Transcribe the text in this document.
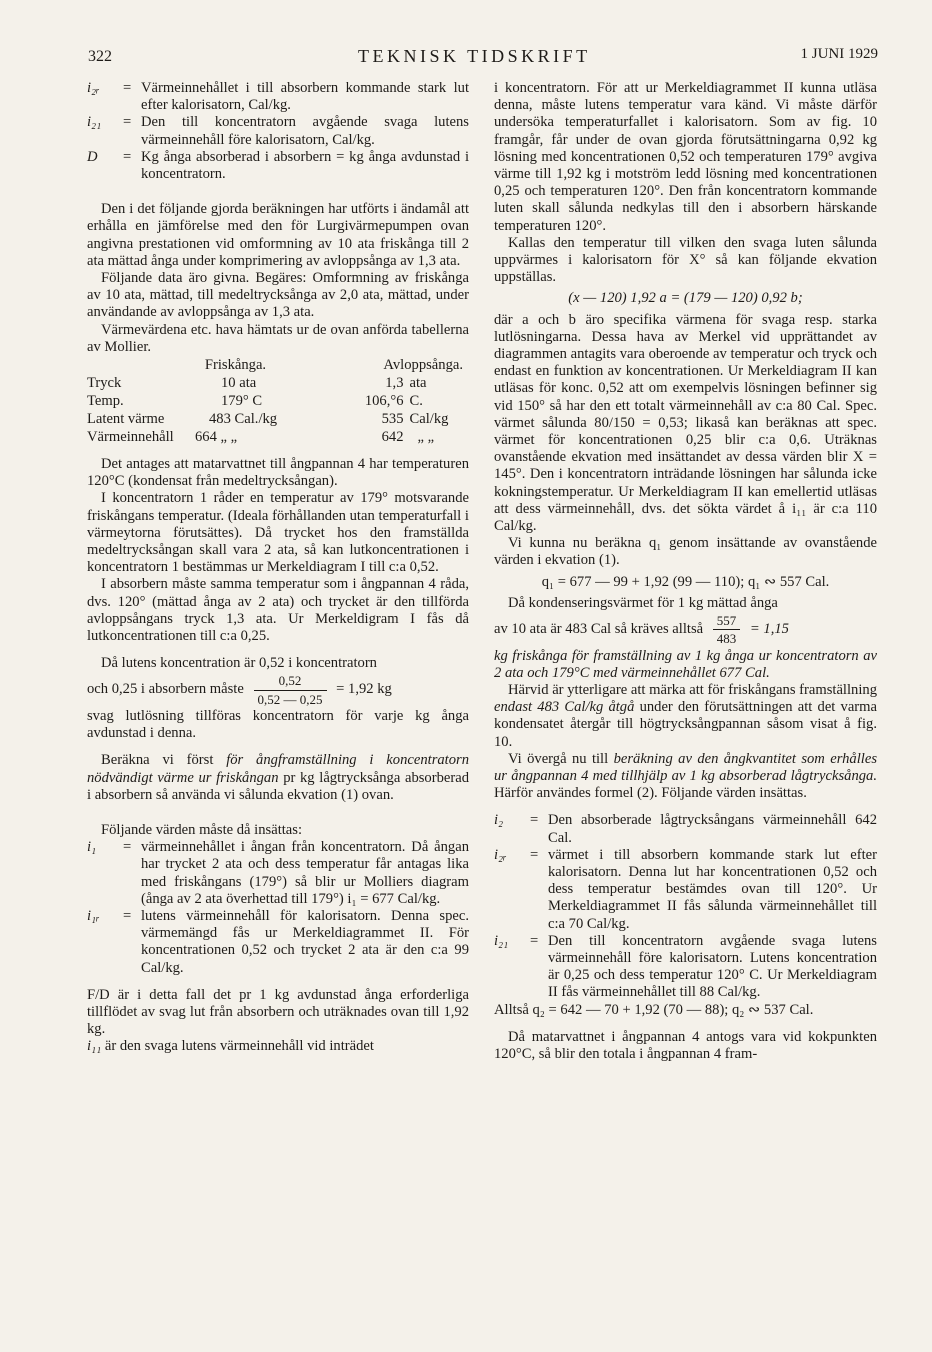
322	TEKNISK TIDSKRIFT	1 JUNI 1929
i₂ᵣ	= Värmeinnehållet i till absorbern kommande stark lut efter kalorisatorn, Cal/kg.
i₂₁	= Den till koncentratorn avgående svaga lutens värmeinnehåll före kalorisatorn, Cal/kg.
D	= Kg ånga absorberad i absorbern = kg ånga avdunstad i koncentratorn.

Den i det följande gjorda beräkningen har utförts i ändamål att erhålla en jämförelse med den för Lurgivärmepumpen ovan angivna prestationen vid omformning av 10 ata friskånga till 2 ata mättad ånga under komprimering av avloppsånga av 1,3 ata.

Följande data äro givna. Begäres: Omformning av friskånga av 10 ata, mättad, till medeltrycksånga av 2,0 ata, mättad, under användande av avloppsånga av 1,3 ata.

Värmevärdena etc. hava hämtats ur de ovan anförda tabellerna av Mollier.

	Friskånga.	Avloppsånga.	
Tryck	10 ata	1,3	ata
Temp.	179° C	106,°6	C.
Latent värme	483 Cal./kg	535	Cal/kg
Värmeinnehåll	664 „ „	642	„ „

Det antages att matarvattnet till ångpannan 4 har temperaturen 120°C (kondensat från medeltrycksångan).

I koncentratorn 1 råder en temperatur av 179° motsvarande friskångans temperatur. (Ideala förhållanden utan temperaturfall i värmeytorna förutsättes). Då trycket hos den framställda medeltrycksångan skall vara 2 ata, så kan lutkoncentrationen i koncentratorn 1 bestämmas ur Merkeldiagram I till c:a 0,52.

I absorbern måste samma temperatur som i ångpannan 4 råda, dvs. 120° (mättad ånga av 2 ata) och trycket är den tillförda avloppsångans tryck 1,3 ata. Ur Merkeldigram I fås då lutkoncentrationen till c:a 0,25.

Då lutens koncentration är 0,52 i koncentratorn

och 0,25 i absorbern måste $\frac{0,52}{0,52 — 0,25} = 1,92$ kg

svag lutlösning tillföras koncentratorn för varje kg ånga avdunstad i denna.

Beräkna vi först för ångframställning i koncentratorn nödvändigt värme ur friskångan pr kg lågtrycksånga absorberad i absorbern så använda vi sålunda ekvation (1) ovan.

Följande värden måste då insättas:

i₁	= värmeinnehållet i ångan från koncentratorn. Då ångan har trycket 2 ata och dess temperatur får antagas lika med friskångans (179°) så blir ur Molliers diagram (ånga av 2 ata överhettad till 179°) i₁ = 677 Cal/kg.
i₁ᵣ	= lutens värmeinnehåll för kalorisatorn. Denna spec. värmemängd fås ur Merkeldiagrammet II. För koncentrationen 0,52 och trycket 2 ata är den c:a 99 Cal/kg.

F/D är i detta fall det pr 1 kg avdunstad ånga erforderliga tillflödet av svag lut från absorbern och uträknades ovan till 1,92 kg.

i₁₁ är den svaga lutens värmeinnehåll vid inträdet

i koncentratorn. För att ur Merkeldiagrammet II kunna utläsa denna, måste lutens temperatur vara känd. Vi måste därför undersöka temperaturfallet i kalorisatorn. Som av fig. 10 framgår, får under de ovan gjorda förutsättningarna 0,92 kg lösning med koncentrationen 0,52 och temperaturen 179° avgiva värme till 1,92 kg i motström ledd lösning med koncentrationen 0,25 och temperaturen 120°. Den från koncentratorn kommande luten skall sålunda nedkylas till den i absorbern härskande temperaturen 120°.

Kallas den temperatur till vilken den svaga luten sålunda uppvärmes i kalorisatorn för X° så kan följande ekvation uppställas.

(x — 120) 1,92 a = (179 — 120) 0,92 b;

där a och b äro specifika värmena för svaga resp. starka lutlösningarna. Dessa hava av Merkel vid upprättandet av diagrammen antagits vara oberoende av temperatur och tryck och endast en funktion av koncentrationen. Ur Merkeldiagram II kan utläsas för konc. 0,52 att om exempelvis lösningen befinner sig vid 150° så har den ett totalt värmeinnehåll av c:a 80 Cal. Spec. värmet sålunda 80/150 = 0,53; likaså kan beräknas att spec. värmet för koncentrationen 0,25 blir c:a 0,6. Uträknas ovanstående ekvation med insättandet av dessa värden blir X = 145°. Den i koncentratorn inträdande lösningen har sålunda icke kokningstemperatur. Ur Merkeldiagram II kan emellertid utläsas att dess värmeinnehåll, dvs. det sökta värdet å i₁₁ är c:a 110 Cal/kg.

Vi kunna nu beräkna q₁ genom insättande av ovanstående värden i ekvation (1).

q₁ = 677 — 99 + 1,92 (99 — 110); q₁ ∾ 557 Cal.

Då kondenseringsvärmet för 1 kg mättad ånga

av 10 ata är 483 Cal så kräves alltså $\frac{557}{483} = 1,15$

kg friskånga för framställning av 1 kg ånga ur koncentratorn av 2 ata och 179°C med värmeinnehållet 677 Cal.

Härvid är ytterligare att märka att för friskångans framställning endast 483 Cal/kg åtgå under den förutsättningen att det varma kondensatet återgår till högtrycksångpannan såsom visat å fig. 10.

Vi övergå nu till beräkning av den ångkvantitet som erhålles ur ångpannan 4 med tillhjälp av 1 kg absorberad lågtrycksånga. Härför användes formel (2). Följande värden insättas.

i₂	= Den absorberade lågtrycksångans värmeinnehåll 642 Cal.
i₂ᵣ	= värmet i till absorbern kommande stark lut efter kalorisatorn. Denna lut har koncentrationen 0,52 och dess temperatur bestämdes ovan till 120°. Ur Merkeldiagrammet II fås sålunda värmeinnehållet till c:a 70 Cal/kg.
i₂₁	= Den till koncentratorn avgående svaga lutens värmeinnehåll före kalorisatorn. Lutens koncentration är 0,25 och dess temperatur 120° C. Ur Merkeldiagram II fås värmeinnehållet till 88 Cal/kg.

Alltså q₂ = 642 — 70 + 1,92 (70 — 88); q₂ ∾ 537 Cal.

Då matarvattnet i ångpannan 4 antogs vara vid kokpunkten 120°C, så blir den totala i ångpannan 4 fram-
